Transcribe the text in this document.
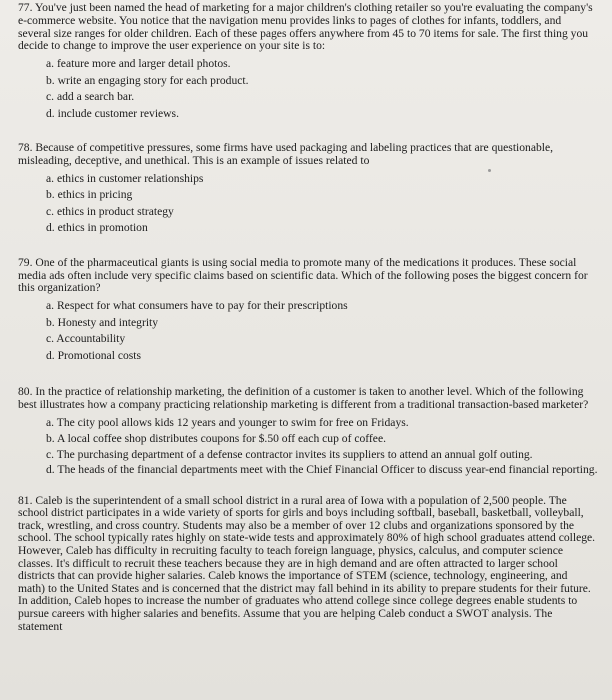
77. You've just been named the head of marketing for a major children's clothing retailer so you're evaluating the company's e-commerce website. You notice that the navigation menu provides links to pages of clothes for infants, toddlers, and several size ranges for older children. Each of these pages offers anywhere from 45 to 70 items for sale. The first thing you decide to change to improve the user experience on your site is to:

a. feature more and larger detail photos.
b. write an engaging story for each product.
c. add a search bar.
d. include customer reviews.

78. Because of competitive pressures, some firms have used packaging and labeling practices that are questionable, misleading, deceptive, and unethical. This is an example of issues related to

a. ethics in customer relationships
b. ethics in pricing
c. ethics in product strategy
d. ethics in promotion

79. One of the pharmaceutical giants is using social media to promote many of the medications it produces. These social media ads often include very specific claims based on scientific data. Which of the following poses the biggest concern for this organization?

a. Respect for what consumers have to pay for their prescriptions
b. Honesty and integrity
c. Accountability
d. Promotional costs

80. In the practice of relationship marketing, the definition of a customer is taken to another level. Which of the following best illustrates how a company practicing relationship marketing is different from a traditional transaction-based marketer?

a. The city pool allows kids 12 years and younger to swim for free on Fridays.
b. A local coffee shop distributes coupons for $.50 off each cup of coffee.
c. The purchasing department of a defense contractor invites its suppliers to attend an annual golf outing.
d. The heads of the financial departments meet with the Chief Financial Officer to discuss year-end financial reporting.

81. Caleb is the superintendent of a small school district in a rural area of Iowa with a population of 2,500 people. The school district participates in a wide variety of sports for girls and boys including softball, baseball, basketball, volleyball, track, wrestling, and cross country. Students may also be a member of over 12 clubs and organizations sponsored by the school. The school typically rates highly on state-wide tests and approximately 80% of high school graduates attend college. However, Caleb has difficulty in recruiting faculty to teach foreign language, physics, calculus, and computer science classes. It's difficult to recruit these teachers because they are in high demand and are often attracted to larger school districts that can provide higher salaries. Caleb knows the importance of STEM (science, technology, engineering, and math) to the United States and is concerned that the district may fall behind in its ability to prepare students for their future. In addition, Caleb hopes to increase the number of graduates who attend college since college degrees enable students to pursue careers with higher salaries and benefits. Assume that you are helping Caleb conduct a SWOT analysis. The statement
